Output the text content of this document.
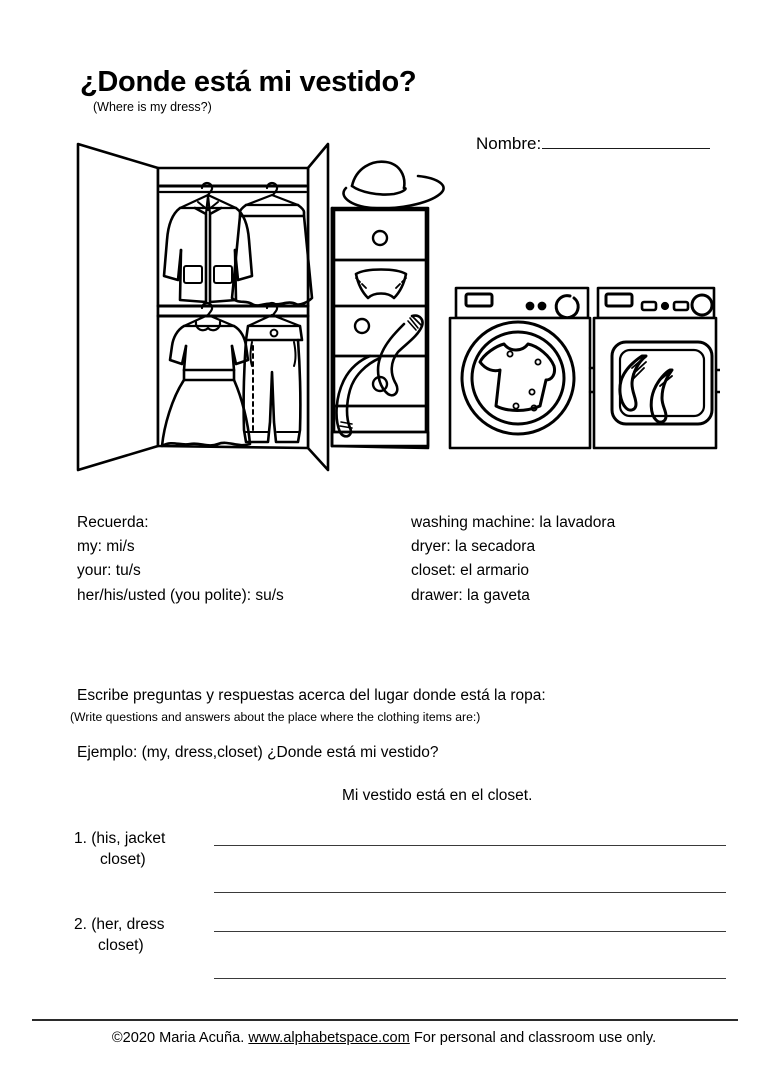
¿Donde está mi vestido?
(Where is my dress?)
Nombre:
Recuerda:
my: mi/s
your: tu/s
her/his/usted (you polite): su/s
washing machine: la lavadora
dryer: la secadora
closet: el armario
drawer: la gaveta
Escribe preguntas y respuestas acerca del lugar donde está la ropa:
(Write questions and answers about the place where the clothing items are:)
Ejemplo: (my, dress,closet) ¿Donde está mi vestido?
Mi vestido está en el closet.
1. (his, jacket
closet)
2. (her, dress
closet)
©2020 Maria Acuña. www.alphabetspace.com For personal and classroom use only.
